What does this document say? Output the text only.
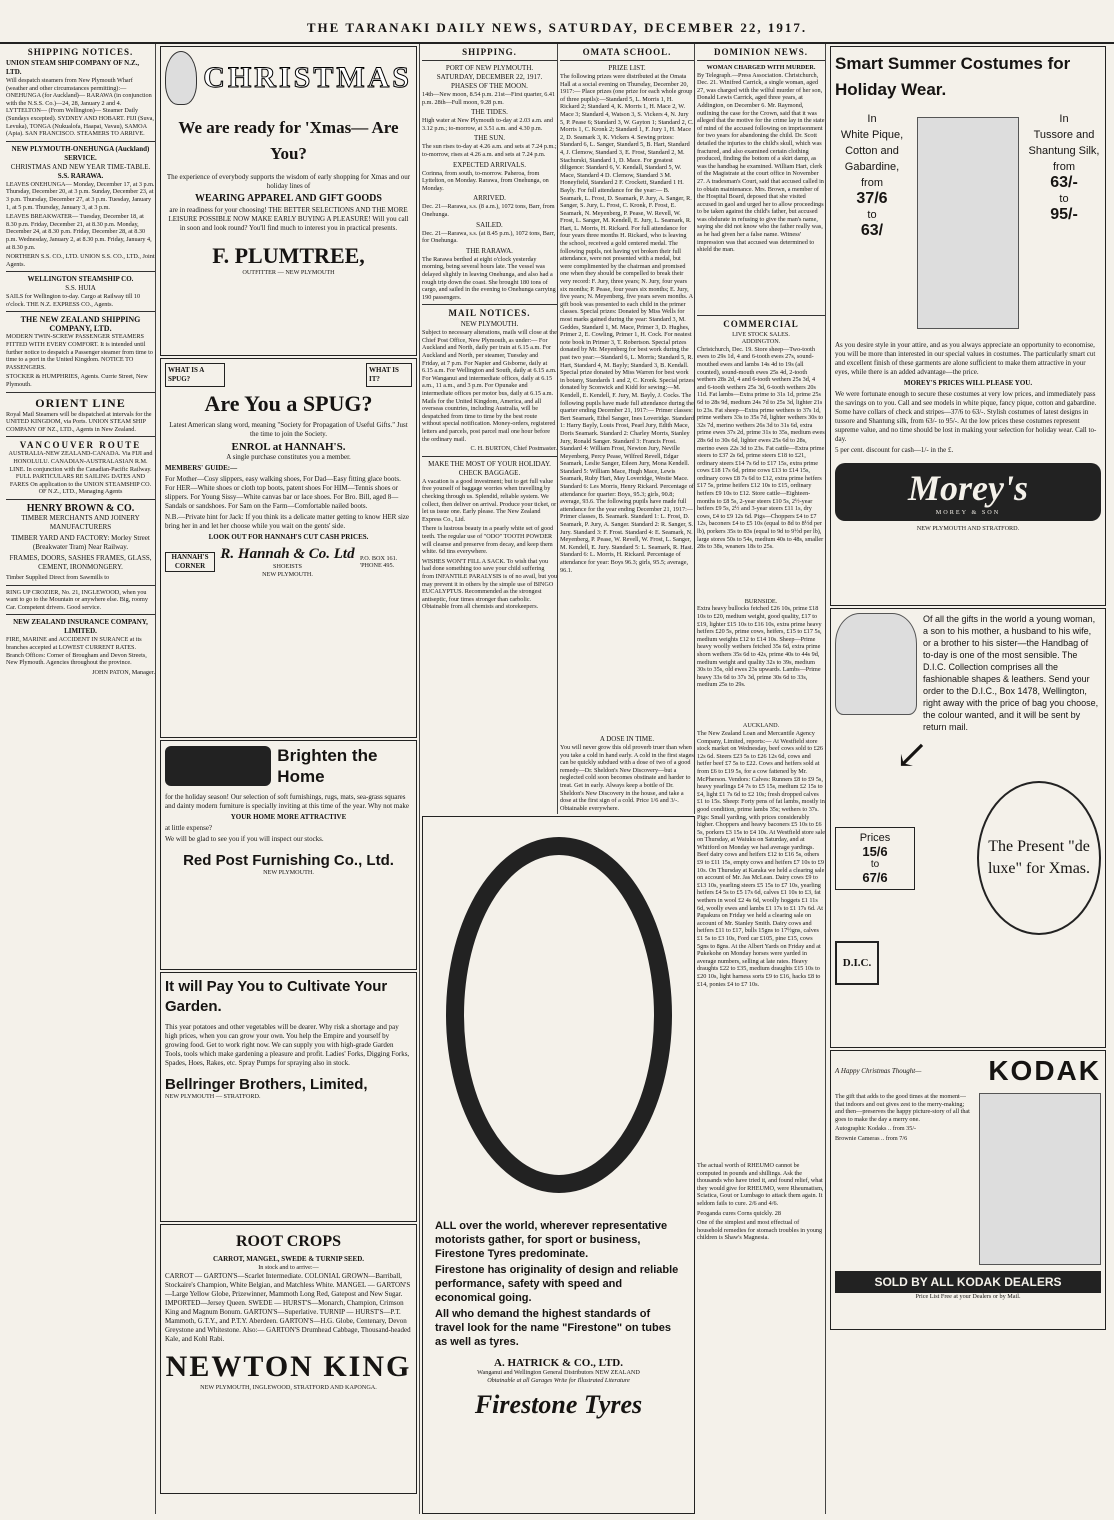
THE TARANAKI DAILY NEWS, SATURDAY, DECEMBER 22, 1917.
SHIPPING NOTICES.
UNION STEAM SHIP COMPANY OF N.Z., LTD.

Will despatch steamers from New Plymouth Wharf (weather and other circumstances permitting):— ONEHUNGA (for Auckland)— RARAWA (in conjunction with the N.S.S. Co.)—24, 28, January 2 and 4. LYTTELTON— (From Wellington)— Steamer Daily (Sundays excepted). SYDNEY AND HOBART. FIJI (Suva, Levuka), TONGA (Nukualofa, Haapai, Vavau), SAMOA (Apia). SAN FRANCISCO. STEAMERS TO ARRIVE.

NEW PLYMOUTH-ONEHUNGA (Auckland) SERVICE.
CHRISTMAS AND NEW YEAR TIME-TABLE.
S.S. RARAWA.

LEAVES ONEHUNGA— Monday, December 17, at 3 p.m. Thursday, December 20, at 3 p.m. Sunday, December 23, at 3 p.m. Thursday, December 27, at 3 p.m. Tuesday, January 1, at 5 p.m. Thursday, January 3, at 3 p.m.

LEAVES BREAKWATER— Tuesday, December 18, at 8.30 p.m. Friday, December 21, at 8.30 p.m. Monday, December 24, at 8.30 p.m. Friday, December 28, at 8.30 p.m. Wednesday, January 2, at 8.30 p.m. Friday, January 4, at 8.30 p.m.

NORTHERN S.S. CO., LTD. UNION S.S. CO., LTD., Joint Agents.

WELLINGTON STEAMSHIP CO.
S.S. HUIA

SAILS for Wellington to-day. Cargo at Railway till 10 o'clock. THE N.Z. EXPRESS CO., Agents.

THE NEW ZEALAND SHIPPING COMPANY, LTD.

MODERN TWIN-SCREW PASSENGER STEAMERS FITTED WITH EVERY COMFORT. It is intended until further notice to despatch a Passenger steamer from time to time to a port in the United Kingdom. NOTICE TO PASSENGERS.

STOCKER & HUMPHRIES, Agents. Currie Street, New Plymouth.

ORIENT LINE

Royal Mail Steamers will be dispatched at intervals for the UNITED KINGDOM, via Ports. UNION STEAM SHIP COMPANY OF NZ., LTD., Agents in New Zealand.

VANCOUVER ROUTE

AUSTRALIA-NEW ZEALAND-CANADA. Via FIJI and HONOLULU. CANADIAN-AUSTRALASIAN R.M. LINE. In conjunction with the Canadian-Pacific Railway. FULL PARTICULARS RE SAILING DATES AND FARES On application to the UNION STEAMSHIP CO. OF N.Z., LTD., Managing Agents

HENRY BROWN & CO.

TIMBER MERCHANTS AND JOINERY MANUFACTURERS

TIMBER YARD AND FACTORY: Morley Street (Breakwater Tram) Near Railway.

FRAMES, DOORS, SASHES FRAMES, GLASS, CEMENT, IRONMONGERY.

Timber Supplied Direct from Sawmills to

RING UP CROZIER, No. 21, INGLEWOOD, when you want to go to the Mountain or anywhere else. Big, roomy Car. Competent drivers. Good service.

NEW ZEALAND INSURANCE COMPANY, LIMITED.

FIRE, MARINE and ACCIDENT IN SURANCE at its branches accepted at LOWEST CURRENT RATES. Branch Offices: Corner of Brougham and Devon Streets, New Plymouth. Agencies throughout the province.

JOHN PATON, Manager.

CHRISTMAS
We are ready for 'Xmas— Are You?

The experience of everybody supports the wisdom of early shopping for Xmas and our holiday lines of

WEARING APPAREL AND GIFT GOODS

are in readiness for your choosing! THE BETTER SELECTIONS AND THE MORE LEISURE POSSIBLE NOW MAKE EARLY BUYING A PLEASURE! Will you call in soon and look round? You'll find much to interest you in practical presents.

F. PLUMTREE,
OUTFITTER — NEW PLYMOUTH
WHAT IS A SPUG?
WHAT IS IT?
Are You a SPUG?

Latest American slang word, meaning "Society for Propagation of Useful Gifts." Just the time to join the Society.

ENROL at HANNAH'S.

A single purchase constitutes you a member.

MEMBERS' GUIDE:—

For Mother—Cosy slippers, easy walking shoes, For Dad—Easy fitting glace boots. For HER—White shoes or cloth top boots, patent shoes For HIM—Tennis shoes or slippers. For Young Sissy—White canvas bar or lace shoes. For Bro. Bill, aged 8—Sandals or sandshoes. For Sam on the Farm—Comfortable nailed boots.

N.B.—Private hint for Jack: If you think its a delicate matter getting to know HER size bring her in and let her choose while you wait on the gents' side.

LOOK OUT FOR HANNAH'S CUT CASH PRICES.

HANNAH'S CORNER
R. Hannah & Co. Ltd
SHOEISTS
NEW PLYMOUTH.
P.O. BOX 161. 'PHONE 495.
Brighten the Home

for the holiday season! Our selection of soft furnishings, rugs, mats, sea-grass squares and dainty modern furniture is specially inviting at this time of the year. Why not make

YOUR HOME MORE ATTRACTIVE

at little expense?

We will be glad to see you if you will inspect our stocks.

Red Post Furnishing Co., Ltd.
NEW PLYMOUTH.
It will Pay You to Cultivate Your Garden.

This year potatoes and other vegetables will be dearer. Why risk a shortage and pay high prices, when you can grow your own. You help the Empire and yourself by growing food. Get to work right now. We can supply you with high-grade Garden Tools, tools which make gardening a pleasure and profit. Ladies' Forks, Digging Forks, Spades, Hoes, Rakes, etc. Spray Pumps for spraying also in stock.

Bellringer Brothers, Limited,
NEW PLYMOUTH — STRATFORD.
ROOT CROPS
CARROT, MANGEL, SWEDE & TURNIP SEED.
In stock and to arrive:—

CARROT — GARTON'S—Scarlet Intermediate. COLONIAL GROWN—Barriball, Stockaire's Champion, White Belgian, and Matchless White. MANGEL — GARTON'S—Large Yellow Globe, Prizewinner, Mammoth Long Red, Gatepost and New Sugar. IMPORTED—Jersey Queen. SWEDE — HURST'S—Monarch, Champion, Crimson King and Magnum Bonum. GARTON'S—Superlative. TURNIP — HURST'S—P.T. Mammoth, G.T.Y., and P.T.Y. Aberdeen. GARTON'S—H.G. Globe, Centenary, Devon Greystone and Whitestone. Also:— GARTON'S Drumhead Cabbage, Thousand-headed Kale, and Kohl Rabi.

NEWTON KING
NEW PLYMOUTH, INGLEWOOD, STRATFORD AND KAPONGA.
SHIPPING.
PORT OF NEW PLYMOUTH.
SATURDAY, DECEMBER 22, 1917.
PHASES OF THE MOON.

14th—New moon, 8.54 p.m. 21st—First quarter, 6.41 p.m. 28th—Full moon, 9.28 p.m.

THE TIDES.

High water at New Plymouth to-day at 2.03 a.m. and 3.12 p.m.; to-morrow, at 3.51 a.m. and 4.30 p.m.

THE SUN.

The sun rises to-day at 4.26 a.m. and sets at 7.24 p.m.; to-morrow, rises at 4.26 a.m. and sets at 7.24 p.m.

EXPECTED ARRIVALS.

Corinna, from south, to-morrow. Paheroa, from Lyttelton, on Monday. Rarawa, from Onehunga, on Monday.

ARRIVED.

Dec. 21—Rarawa, s.s. (8 a.m.), 1072 tons, Barr, from Onehunga.

SAILED.

Dec. 21—Rarawa, s.s. (at 8.45 p.m.), 1072 tons, Barr, for Onehunga.

THE RARAWA.

The Rarawa berthed at eight o'clock yesterday morning, being several hours late. The vessel was delayed slightly in leaving Onehunga, and also had a rough trip down the coast. She brought 180 tons of cargo, and sailed in the evening to Onehunga carrying 190 passengers.

MAIL NOTICES.
NEW PLYMOUTH.

Subject to necessary alterations, mails will close at the Chief Post Office, New Plymouth, as under:— For Auckland and North, daily per train at 6.15 a.m. For Auckland and North, per steamer, Tuesday and Friday, at 7 p.m. For Napier and Gisborne, daily at 6.15 a.m. For Wellington and South, daily at 6.15 a.m. For Wanganui and intermediate offices, daily at 6.15 a.m., 11 a.m., and 3 p.m. For Opunake and intermediate offices per motor bus, daily at 6.15 a.m. Mails for the United Kingdom, America, and all overseas countries, including Australia, will be despatched from time to time by the best route without special notification. Money-orders, registered letters and parcels, post parcel mail one hour before the ordinary mail.

C. H. BURTON, Chief Postmaster.

MAKE THE MOST OF YOUR HOLIDAY.
CHECK BAGGAGE.

A vacation is a good investment; but to get full value free yourself of baggage worries when travelling by checking through us. Splendid, reliable system. We collect, then deliver on arrival. Produce your ticket, or let us issue one. Early please. The New Zealand Express Co., Ltd.

There is lustrous beauty in a pearly white set of good teeth. The regular use of "ODO" TOOTH POWDER will cleanse and preserve from decay, and keep them white. 6d tins everywhere.

WISHES WON'T FILL A SACK. To wish that you had done something too save your child suffering from INFANTILE PARALYSIS is of no avail, but you may prevent it in others by the simple use of BINGO EUCALYPTUS. Recommended as the strongest antiseptic, four times stronger than carbolic. Obtainable from all chemists and storekeepers.

OMATA SCHOOL.
PRIZE LIST.

The following prizes were distributed at the Omata Hall at a social evening on Thursday, December 20, 1917:— Place prizes (one prize for each whole group of three pupils):—Standard 5, L. Morris 1, H. Rickard 2; Standard 4, K. Morris 1, H. Mace 2, W. Mace 3; Standard 4, Watson 3, S. Vickers 4, N. Jury 5, P. Pease 6; Standard 3, W. Gayton 1; Standard 2, C. Morris 1, C. Kronk 2; Standard 1, F. Jury 1, H. Mace 2, D. Seamark 3, K. Vickers 4. Sewing prizes: Standard 6, L. Sanger, Standard 5, B. Hart, Standard 4, J. Clemow, Standard 3, E. Frost, Standard 2, M. Stachurski, Standard 1, D. Mace. For greatest diligence: Standard 6, V. Kendall, Standard 5, W. Mace, Standard 4 D. Clemow, Standard 3 M. Honeyfield, Standard 2 F. Crockett, Standard 1 H. Bayly. For full attendance for the year:— B. Seamark, L. Frost, D. Seamark, P. Jury, A. Sanger, R. Sanger, S. Jury, L. Frost, C. Kronk, F. Frost, E. Seamark, N. Meyenberg, P. Pease, W. Revell, W. Frost, L. Sanger, M. Kendell, E. Jury, L. Seamark, R. Hart, L. Morris, H. Rickard. For full attendance for four years three months H. Rickard, who is leaving the school, received a gold centered medal. The following pupils, not having yet broken their full attendance, were not presented with a medal, but were complimented by the chairman and promised one when they should be compelled to break their very record: F. Jury, three years; N. Jury, four years six months; P. Pease, four years six months; E. Jury, five years; N. Meyenberg, five years seven months. A gift book was presented to each child in the primer classes. Special prizes: Donated by Miss Wells for most marks gained during the year: Standard 3, M. Geddes, Standard 1, M. Mace, Primer 3, D. Hughes, Primer 2, E. Cowling, Primer 1, H. Cock. For neatest note book in Primer 3, T. Robertson. Special prizes donated by Mr. Meyenberg for best work during the past two year:—Standard 6, L. Morris; Standard 5, R. Hart, Standard 4, M. Bayly; Standard 3, B. Kendall. Special prize donated by Miss Warren for best work in botany, Standards 1 and 2, C. Kronk. Special prizes donated by Sconwick and Kidd for sewing:—M. Kendell, E. Kendell, F. Jury, M. Bayly, J. Cocks. The following pupils have made full attendance during the quarter ending December 21, 1917:— Primer classes: Bert Seamark, Ethel Sanger, Ines Loveridge. Standard 1: Harry Bayly, Louis Frost, Pearl Jury, Edith Mace, Doris Seamark. Standard 2: Charley Morris, Stanley Jury, Ronald Sanger. Standard 3: Francis Frost. Standard 4: William Frost, Newton Jury, Neville Meyenberg, Percy Pease, Wilfred Revell, Edgar Seamark, Leslie Sanger, Eileen Jury, Mona Kendell. Standard 5: William Mace, Hugh Mace, Lewis Seamark, Ruby Hart, May Loveridge, Westie Mace. Standard 6: Les Morris, Henry Rickard. Percentage of attendance for quarter: Boys, 95.3; girls, 90.8; average, 93.6. The following pupils have made full attendance for the year ending December 21, 1917:— Primer classes, B. Seamark. Standard 1: L. Frost, D. Seamark, P. Jury, A. Sanger. Standard 2: R. Sanger, S. Jury. Standard 3: F. Frost. Standard 4: E. Seamark, N. Meyenberg, P. Pease, W. Revell, W. Frost, L. Sanger, M. Kendell, E. Jury. Standard 5: L. Seamark, R. Hast. Standard 6: L. Morris, H. Rickard. Percentage of attendance for year: Boys 96.3; girls, 95.5; average, 96.1.

A DOSE IN TIME.

You will never grow this old proverb truer than when you take a cold in hand early. A cold in the first stages can be quickly subdued with a dose of two of a good remedy—Dr. Sheldon's New Discovery—but a neglected cold soon becomes obstinate and harder to treat. Get in early. Always keep a bottle of Dr. Sheldon's New Discovery in the house, and take a dose at the first sign of a cold. Price 1/6 and 3/-. Obtainable everywhere.

DOMINION NEWS.
WOMAN CHARGED WITH MURDER.

By Telegraph.—Press Association. Christchurch, Dec. 21. Winifred Carrick, a single woman, aged 27, was charged with the wilful murder of her son, Donald Lewis Carrick, aged three years, at Addington, on December 6. Mr. Raymond, outlining the case for the Crown, said that it was alleged that the motive for the crime lay in the state of mind of the accused following on imprisonment for two years for abandoning the child. Dr. Scott detailed the injuries to the child's skull, which was fractured, and also examined certain clothing produced, finding the bottom of a skirt damp, as was the handbag he examined. William Hart, clerk of the Magistrate at the court office in November 27. A tradesman's Court, said that accused called in to obtain maintenance. Mrs. Brown, a member of the Hospital Board, deposed that she visited accused in gaol and urged her to allow proceedings to be taken against the child's father, but accused was obdurate in refusing to give the man's name, saying she did not know who the father really was, as he had given her a false name. Witness' impression was that accused was determined to shield the man.

COMMERCIAL
LIVE STOCK SALES.
ADDINGTON.

Christchurch, Dec. 19. Store sheep—Two-tooth ewes to 29s 1d, 4 and 6-tooth ewes 27s, sound-mouthed ewes and lambs 14s 4d to 19s (all counted), sound-mouth ewes 25s 4d, 2-tooth wethers 28s 2d, 4 and 6-tooth wethers 25s 3d, 4 and 6-tooth wethers 25s 3d, 6-tooth wethers 20s 11d. Fat lambs—Extra prime to 31s 1d, prime 25s 6d to 28s 9d, medium 24s 7d to 25s 3d, lighter 21s to 23s. Fat sheep—Extra prime wethers to 37s 1d, prime wethers 33s to 35s 7d, lighter wethers 30s to 32s 7d, merino wethers 26s 3d to 31s 6d, extra prime ewes 37s 2d, prime 31s to 35s, medium ewes 28s 6d to 30s 6d, lighter ewes 25s 6d to 28s, merino ewes 22s 3d to 23s. Fat cattle—Extra prime steers to £37 2s 6d, prime steers £18 to £21, ordinary steers £14 7s 6d to £17 15s, extra prime cows £18 17s 6d, prime cows £13 to £14 15s, ordinary cows £8 7s 6d to £12, extra prime heifers £17 5s, prime heifers £12 10s to £15, ordinary heifers £9 10s to £12. Store cattle—Eighteen-months to £8 5s, 2-year steers £10 5s, 2½-year heifers £9 5s, 2½ and 3-year steers £11 1s, dry cows, £4 to £9 12s 6d. Pigs—Choppers £4 to £7 12s, baconers £4 to £5 10s (equal to 8d to 8½d per lb), porkers 35s to 83s (equal to 9d to 9½d per lb), large stores 50s to 54s, medium 40s to 48s, smaller 28s to 38s, weaners 18s to 25s.

BURNSIDE.

Extra heavy bullocks fetched £26 10s, prime £18 10s to £20, medium weight, good quality, £17 to £19, lighter £15 10s to £16 10s, extra prime heavy heifers £20 5s, prime cows, heifers, £15 to £17 5s, medium weights £12 to £14 10s. Sheep—Prime heavy woolly wethers fetched 35s 6d, extra prime shorn wethers 35s 6d to 42s, prime 40s to 44s 9d, medium weight and quality 32s to 39s, medium 30s to 35s, old ewes 23s upwards. Lambs—Prime heavy 33s 6d to 37s 3d, prime 30s 6d to 33s, medium 25s to 29s.

AUCKLAND.

The New Zealand Loan and Mercantile Agency Company, Limited, reports:— At Westfield store stock market on Wednesday, beef cows sold to £26 12s 6d. Steers £23 5s to £26 12s 6d, cows and heifer beef £7 5s to £22. Cows and heifers sold at from £6 to £19 5s, for a cow fattened by Mr. McPherson. Vendors: Calves: Runners £8 to £9 5s, heavy yearlings £4 7s to £5 15s, medium £2 15s to £4, light £1 7s 6d to £2 10s; fresh dropped calves £1 to 15s. Sheep: Forty pens of fat lambs, mostly in good condition, prime lambs 35s; wethers to 37s. Pigs: Small yarding, with prices considerably higher. Choppers and heavy baconers £5 10s to £6 5s, porkers £3 15s to £4 10s. At Westfield store sale on Thursday, at Waiuku on Saturday, and at Whitford on Monday we had average yardings. Beef dairy cows and heifers £12 to £16 5s, others £9 to £11 15s, empty cows and heifers £7 10s to £9 10s. On Thursday at Karaka we held a clearing sale on account of Mr. Jas McLean. Dairy cows £9 to £13 10s, yearling steers £5 15s to £7 10s, yearling heifers £4 5s to £5 17s 6d, calves £1 10s to £3, fat wethers in wool £2 4s 6d, woolly hoggets £1 11s 6d, woolly ewes and lambs £1 17s to £1 17s 6d. At Papakura on Friday we held a clearing sale on account of Mr. Stanley Smith. Dairy cows and heifers £11 to £17, bulls 15gns to 17½gns, calves £1 5s to £3 10s, Ford car £105, pine £15, cows 5gns to 8gns. At the Albert Yards on Friday and at Pukekohe on Monday horses were yarded in average numbers, selling at late rates. Heavy draughts £22 to £35, medium draughts £15 10s to £20 10s, light harness sorts £9 to £16, hacks £8 to £14, ponies £4 to £7 10s.

The actual worth of RHEUMO cannot be computed in pounds and shillings. Ask the thousands who have tried it, and found relief, what they would give for RHEUMO, were Rheumatism, Sciatica, Gout or Lumbago to attack them again. It seldom fails to cure. 2/6 and 4/6.

Peoganda cures Corns quickly. 28

One of the simplest and most effectual of household remedies for stomach troubles in young children is Shaw's Magnesia.

ALL over the world, wherever representative motorists gather, for sport or business, Firestone Tyres predominate.

Firestone has originality of design and reliable performance, safety with speed and economical going.

All who demand the highest standards of travel look for the name "Firestone" on tubes as well as tyres.

A. HATRICK & CO., LTD.
Wanganui and Wellington General Distributors NEW ZEALAND
Obtainable at all Garages Write for Illustrated Literature
Firestone Tyres
Smart Summer Costumes for Holiday Wear.
In
White Pique, Cotton and Gabardine, from
37/6
to
63/
In
Tussore and Shantung Silk, from
63/-
to
95/-

As you desire style in your attire, and as you always appreciate an opportunity to economise, you will be more than interested in our special values in costumes. The particularly smart cut and excellent finish of these garments are alone sufficient to make them attractive in your eyes, while there is an added advantage—the price.

MOREY'S PRICES WILL PLEASE YOU.

We were fortunate enough to secure these costumes at very low prices, and immediately pass the savings on to you. Call and see models in white pique, fancy pique, cotton and gabardine. Some have collars of check and stripes—37/6 to 63/-. Stylish costumes of latest designs in tussore and Shantung silk, from 63/- to 95/-. At the low prices these costumes represent supreme value, and no time should be lost in making your selection for holiday wear. Call to-day.

5 per cent. discount for cash—1/- in the £.

Morey's
MOREY & SON
NEW PLYMOUTH AND STRATFORD.

Of all the gifts in the world a young woman, a son to his mother, a husband to his wife, or a brother to his sister—the Handbag of to-day is one of the most sensible. The D.I.C. Collection comprises all the fashionable shapes & leathers. Send your order to the D.I.C., Box 1478, Wellington, right away with the price of bag you choose, the colour wanted, and it will be sent by return mail.

↙
Prices
15/6
to
67/6
The Present "de luxe" for Xmas.
D.I.C.
A Happy Christmas Thought— KODAK

The gift that adds to the good times at the moment—that indoors and out gives zest to the merry-making; and then—preserves the happy picture-story of all that goes to make the day a merry one.

Autographic Kodaks .. from 35/-

Brownie Cameras .. from 7/6

SOLD BY ALL KODAK DEALERS
Price List Free at your Dealers or by Mail.
